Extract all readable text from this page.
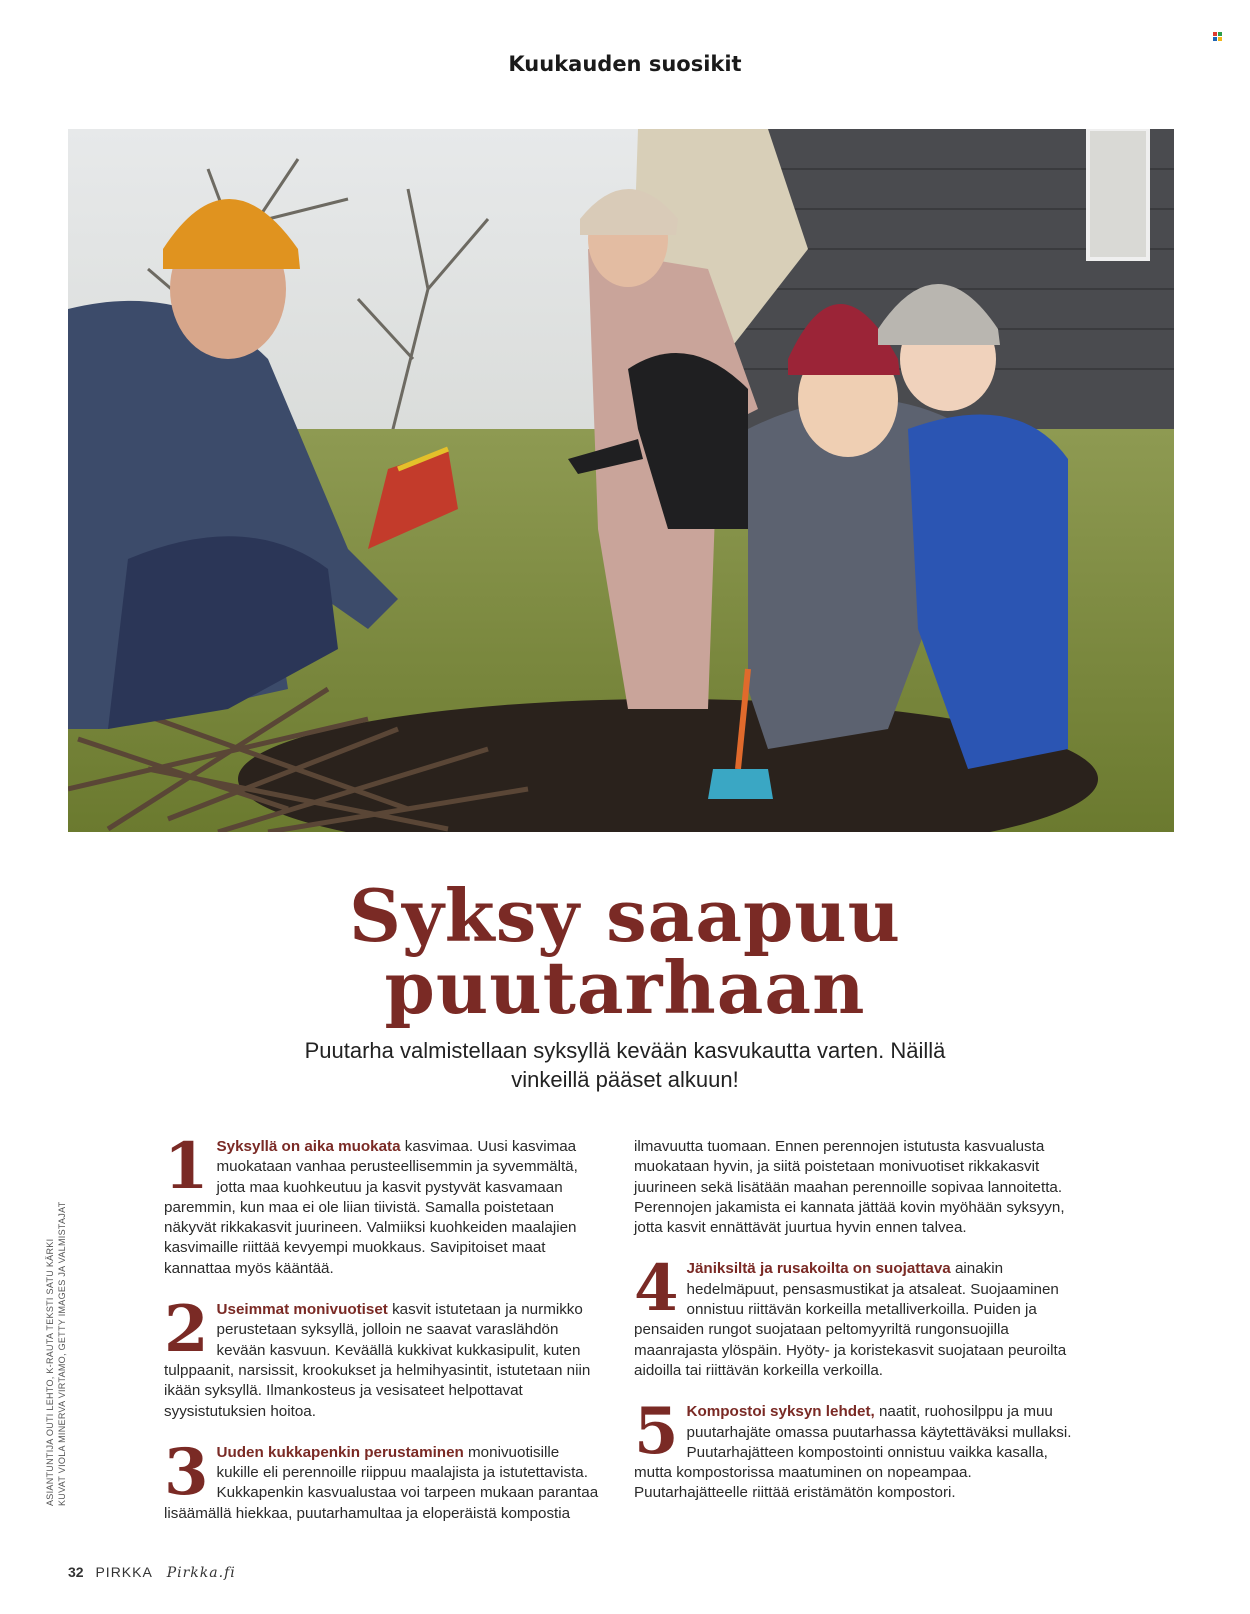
Kuukauden suosikit
Syksy saapuu
puutarhaan
Puutarha valmistellaan syksyllä kevään kasvukautta varten. Näillä vinkeillä pääset alkuun!
1 Syksyllä on aika muokata kasvimaa. Uusi kasvimaa muokataan vanhaa perusteellisemmin ja syvemmältä, jotta maa kuohkeutuu ja kasvit pystyvät kasvamaan paremmin, kun maa ei ole liian tiivistä. Samalla poistetaan näkyvät rikkakasvit juurineen. Valmiiksi kuohkeiden maalajien kasvimaille riittää kevyempi muokkaus. Savipitoiset maat kannattaa myös kääntää.
2 Useimmat monivuotiset kasvit istutetaan ja nurmikko perustetaan syksyllä, jolloin ne saavat varaslähdön kevään kasvuun. Keväällä kukkivat kukkasipulit, kuten tulppaanit, narsissit, krookukset ja helmihyasintit, istutetaan niin ikään syksyllä. Ilmankosteus ja vesisateet helpottavat syysistutuksien hoitoa.
3 Uuden kukkapenkin perustaminen monivuotisille kukille eli perennoille riippuu maalajista ja istutettavista. Kukkapenkin kasvualustaa voi tarpeen mukaan parantaa lisäämällä hiekkaa, puutarhamultaa ja eloperäistä kompostia
ilmavuutta tuomaan. Ennen perennojen istutusta kasvualusta muokataan hyvin, ja siitä poistetaan monivuotiset rikkakasvit juurineen sekä lisätään maahan perennoille sopivaa lannoitetta. Perennojen jakamista ei kannata jättää kovin myöhään syksyyn, jotta kasvit ennättävät juurtua hyvin ennen talvea.
4 Jäniksiltä ja rusakoilta on suojattava ainakin hedelmäpuut, pensasmustikat ja atsaleat. Suojaaminen onnistuu riittävän korkeilla metalliverkoilla. Puiden ja pensaiden rungot suojataan peltomyyriltä rungonsuojilla maanrajasta ylöspäin. Hyöty- ja koristekasvit suojataan peuroilta aidoilla tai riittävän korkeilla verkoilla.
5 Kompostoi syksyn lehdet, naatit, ruohosilppu ja muu puutarhajäte omassa puutarhassa käytettäväksi mullaksi. Puutarhajätteen kompostointi onnistuu vaikka kasalla, mutta kompostorissa maatuminen on nopeampaa. Puutarhajätteelle riittää eristämätön kompostori.
ASIANTUNTIJA OUTI LEHTO, K-RAUTA TEKSTI SATU KÄRKI KUVAT VIOLA MINERVA VIRTAMO, GETTY IMAGES JA VALMISTAJAT
32 PIRKKA Pirkka.fi
